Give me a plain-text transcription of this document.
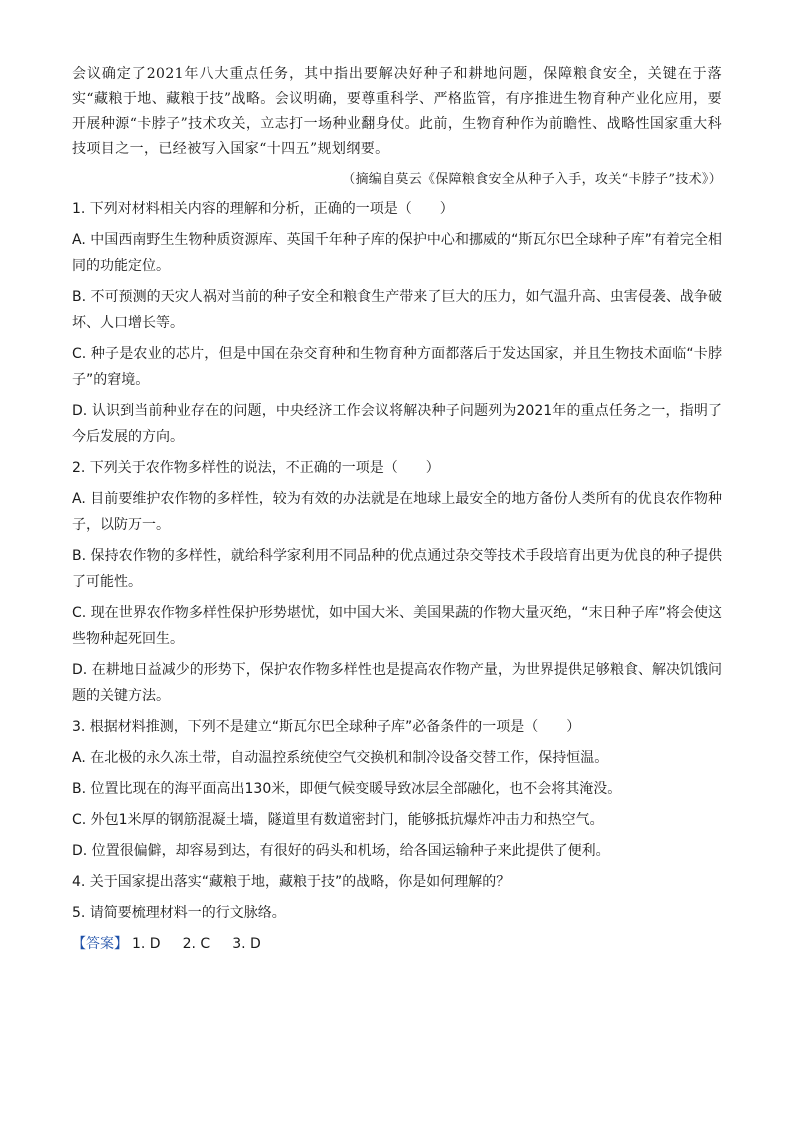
会议确定了2021年八大重点任务，其中指出要解决好种子和耕地问题，保障粮食安全，关键在于落实“藏粮于地、藏粮于技”战略。会议明确，要尊重科学、严格监管，有序推进生物育种产业化应用，要开展种源“卡脖子”技术攻关，立志打一场种业翻身仗。此前，生物育种作为前瞻性、战略性国家重大科技项目之一，已经被写入国家“十四五”规划纲要。

（摘编自莫云《保障粮食安全从种子入手，攻关“卡脖子”技术》）

1. 下列对材料相关内容的理解和分析，正确的一项是（　　）

A. 中国西南野生生物种质资源库、英国千年种子库的保护中心和挪威的“斯瓦尔巴全球种子库”有着完全相同的功能定位。

B. 不可预测的天灾人祸对当前的种子安全和粮食生产带来了巨大的压力，如气温升高、虫害侵袭、战争破坏、人口增长等。

C. 种子是农业的芯片，但是中国在杂交育种和生物育种方面都落后于发达国家，并且生物技术面临“卡脖子”的窘境。

D. 认识到当前种业存在的问题，中央经济工作会议将解决种子问题列为2021年的重点任务之一，指明了今后发展的方向。

2. 下列关于农作物多样性的说法，不正确的一项是（　　）

A. 目前要维护农作物的多样性，较为有效的办法就是在地球上最安全的地方备份人类所有的优良农作物种子，以防万一。

B. 保持农作物的多样性，就给科学家利用不同品种的优点通过杂交等技术手段培育出更为优良的种子提供了可能性。

C. 现在世界农作物多样性保护形势堪忧，如中国大米、美国果蔬的作物大量灭绝，“末日种子库”将会使这些物种起死回生。

D. 在耕地日益减少的形势下，保护农作物多样性也是提高农作物产量，为世界提供足够粮食、解决饥饿问题的关键方法。

3. 根据材料推测，下列不是建立“斯瓦尔巴全球种子库”必备条件的一项是（　　）

A. 在北极的永久冻土带，自动温控系统使空气交换机和制冷设备交替工作，保持恒温。

B. 位置比现在的海平面高出130米，即便气候变暖导致冰层全部融化，也不会将其淹没。

C. 外包1米厚的钢筋混凝土墙，隧道里有数道密封门，能够抵抗爆炸冲击力和热空气。

D. 位置很偏僻，却容易到达，有很好的码头和机场，给各国运输种子来此提供了便利。

4. 关于国家提出落实“藏粮于地，藏粮于技”的战略，你是如何理解的？

5. 请简要梳理材料一的行文脉络。

【答案】 1. D 2. C 3. D
